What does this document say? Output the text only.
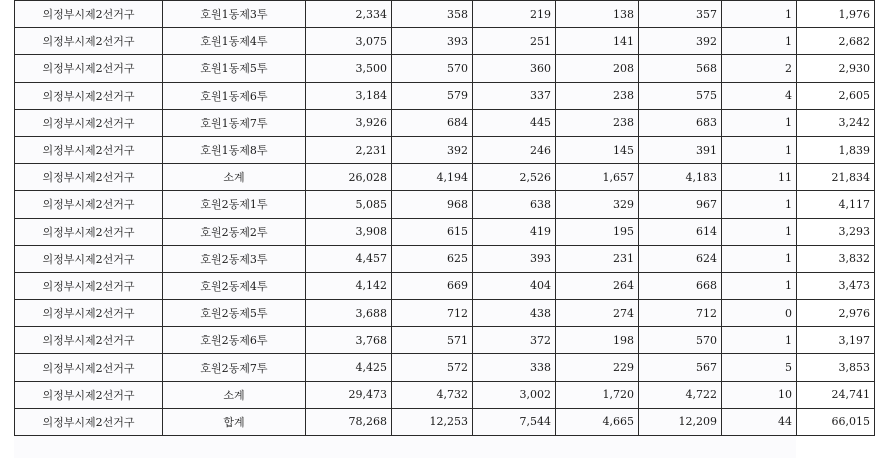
의정부시제2선거구	호원1동제3투	2,334	358	219	138	357	1	1,976
의정부시제2선거구	호원1동제4투	3,075	393	251	141	392	1	2,682
의정부시제2선거구	호원1동제5투	3,500	570	360	208	568	2	2,930
의정부시제2선거구	호원1동제6투	3,184	579	337	238	575	4	2,605
의정부시제2선거구	호원1동제7투	3,926	684	445	238	683	1	3,242
의정부시제2선거구	호원1동제8투	2,231	392	246	145	391	1	1,839
의정부시제2선거구	소계	26,028	4,194	2,526	1,657	4,183	11	21,834
의정부시제2선거구	호원2동제1투	5,085	968	638	329	967	1	4,117
의정부시제2선거구	호원2동제2투	3,908	615	419	195	614	1	3,293
의정부시제2선거구	호원2동제3투	4,457	625	393	231	624	1	3,832
의정부시제2선거구	호원2동제4투	4,142	669	404	264	668	1	3,473
의정부시제2선거구	호원2동제5투	3,688	712	438	274	712	0	2,976
의정부시제2선거구	호원2동제6투	3,768	571	372	198	570	1	3,197
의정부시제2선거구	호원2동제7투	4,425	572	338	229	567	5	3,853
의정부시제2선거구	소계	29,473	4,732	3,002	1,720	4,722	10	24,741
의정부시제2선거구	합계	78,268	12,253	7,544	4,665	12,209	44	66,015
